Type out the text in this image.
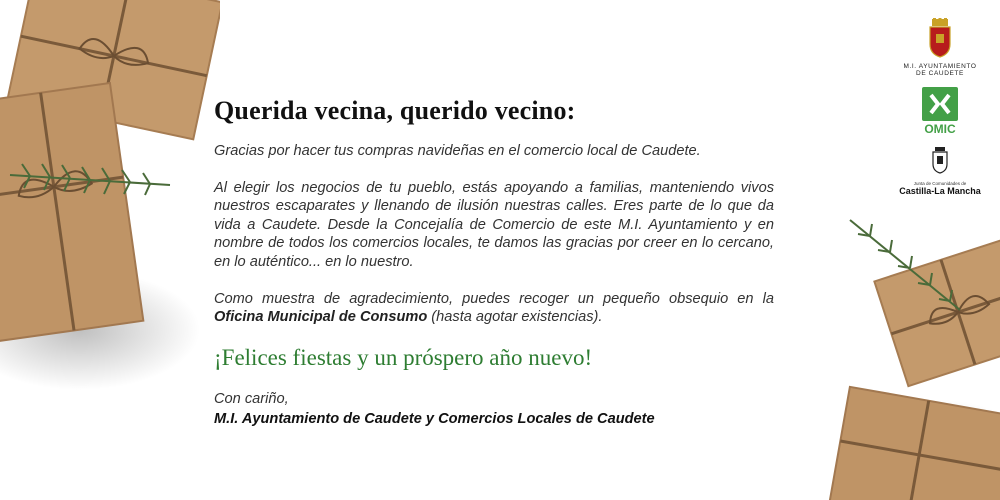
Querida vecina, querido vecino:

Gracias por hacer tus compras navideñas en el comercio local de Caudete.

Al elegir los negocios de tu pueblo, estás apoyando a familias, manteniendo vivos nuestros escaparates y llenando de ilusión nuestras calles. Eres parte de lo que da vida a Caudete. Desde la Concejalía de Comercio de este M.I. Ayuntamiento y en nombre de todos los comercios locales, te damos las gracias por creer en lo cercano, en lo auténtico... en lo nuestro.

Como muestra de agradecimiento, puedes recoger un pequeño obsequio en la Oficina Municipal de Consumo (hasta agotar existencias).

¡Felices fiestas y un próspero año nuevo!

Con cariño,

M.I. Ayuntamiento de Caudete y Comercios Locales de Caudete

M.I. AYUNTAMIENTO
DE CAUDETE
OMIC
Junta de Comunidades de
Castilla-La Mancha
